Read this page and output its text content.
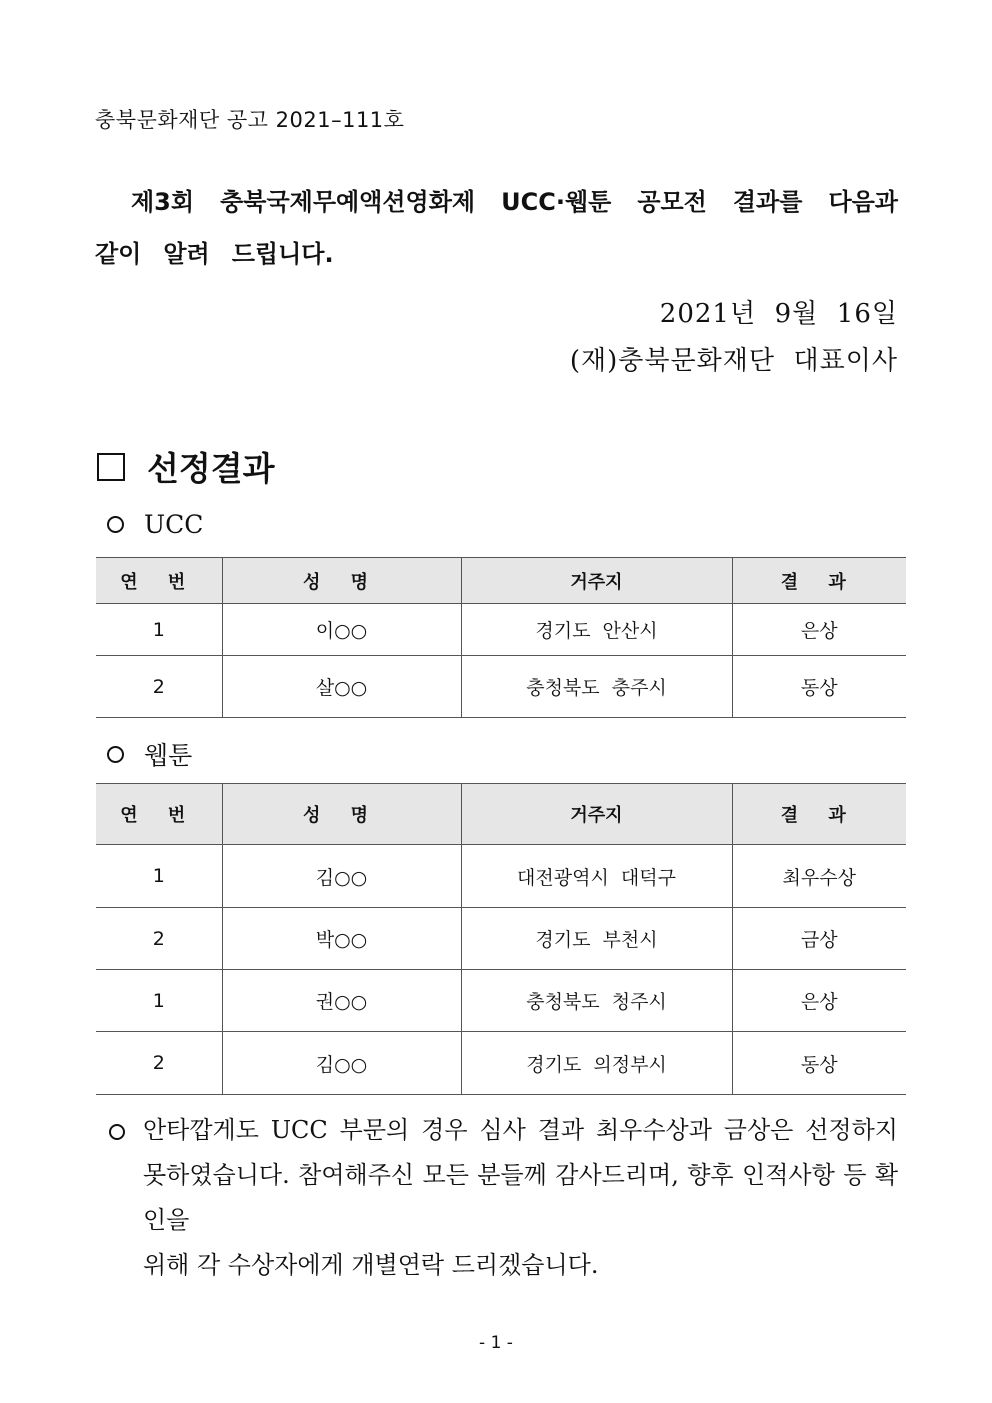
충북문화재단 공고 2021–111호
제3회 충북국제무예액션영화제 UCC·웹툰 공모전 결과를 다음과
같이 알려 드립니다.
2021년  9월  16일
(재)충북문화재단  대표이사
선정결과
UCC
연 번	성 명	거주지	결 과
1	이○○	경기도  안산시	은상
2	살○○	충청북도  충주시	동상
웹툰
연 번	성 명	거주지	결 과
1	김○○	대전광역시  대덕구	최우수상
2	박○○	경기도  부천시	금상
1	권○○	충청북도  청주시	은상
2	김○○	경기도  의정부시	동상
안타깝게도 UCC 부문의 경우 심사 결과 최우수상과 금상은 선정하지
못하였습니다. 참여해주신 모든 분들께 감사드리며, 향후 인적사항 등 확인을
위해 각 수상자에게 개별연락 드리겠습니다.
- 1 -
